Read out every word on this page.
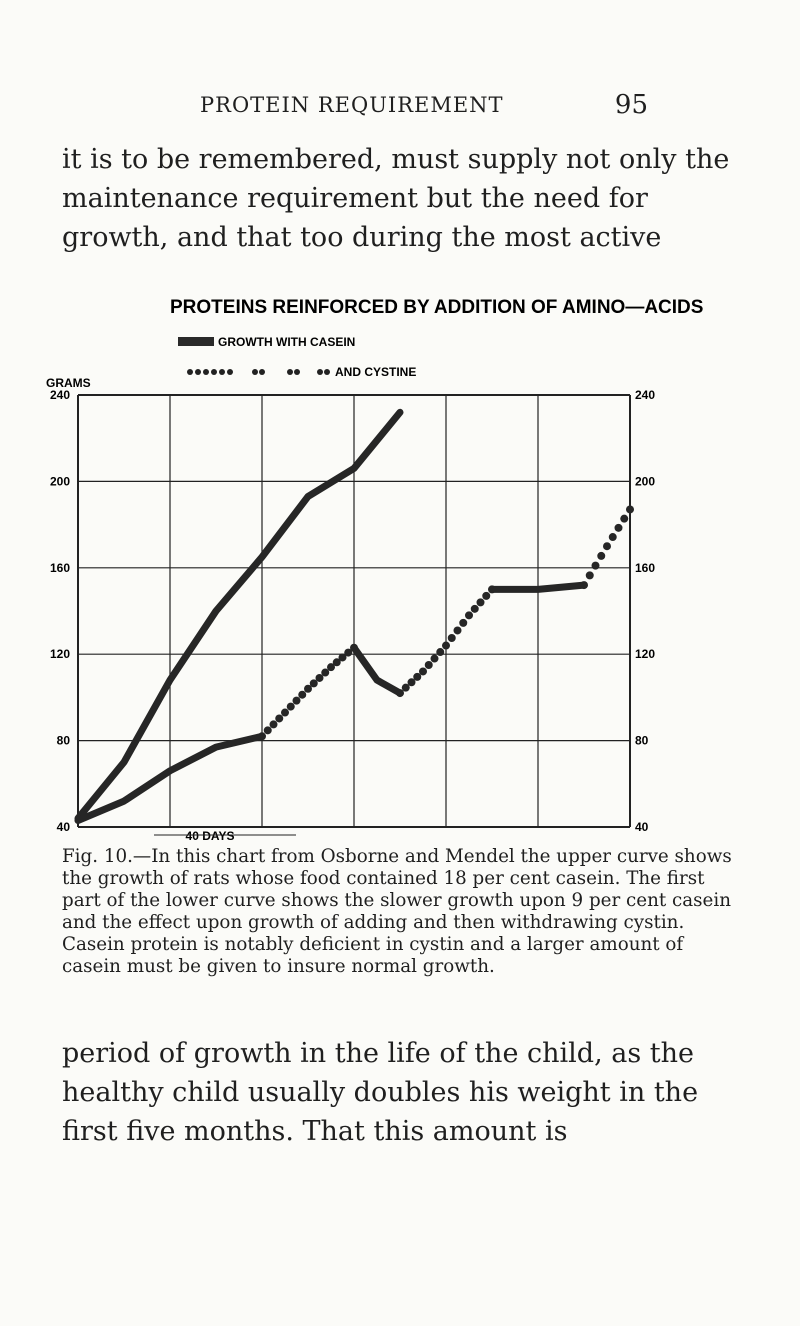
PROTEIN REQUIREMENT	95

it is to be remembered, must supply not only the maintenance requirement but the need for growth, and that too during the most active

PROTEINS REINFORCED BY ADDITION OF AMINO—ACIDS
GROWTH WITH CASEIN
AND CYSTINE
GRAMS
40
80
120
160
200
240
40
80
120
160
200
240
40 DAYS

Fig. 10.—In this chart from Osborne and Mendel the upper curve shows the growth of rats whose food contained 18 per cent casein. The first part of the lower curve shows the slower growth upon 9 per cent casein and the effect upon growth of adding and then withdrawing cystin. Casein protein is notably deficient in cystin and a larger amount of casein must be given to insure normal growth.

period of growth in the life of the child, as the healthy child usually doubles his weight in the first five months. That this amount is
